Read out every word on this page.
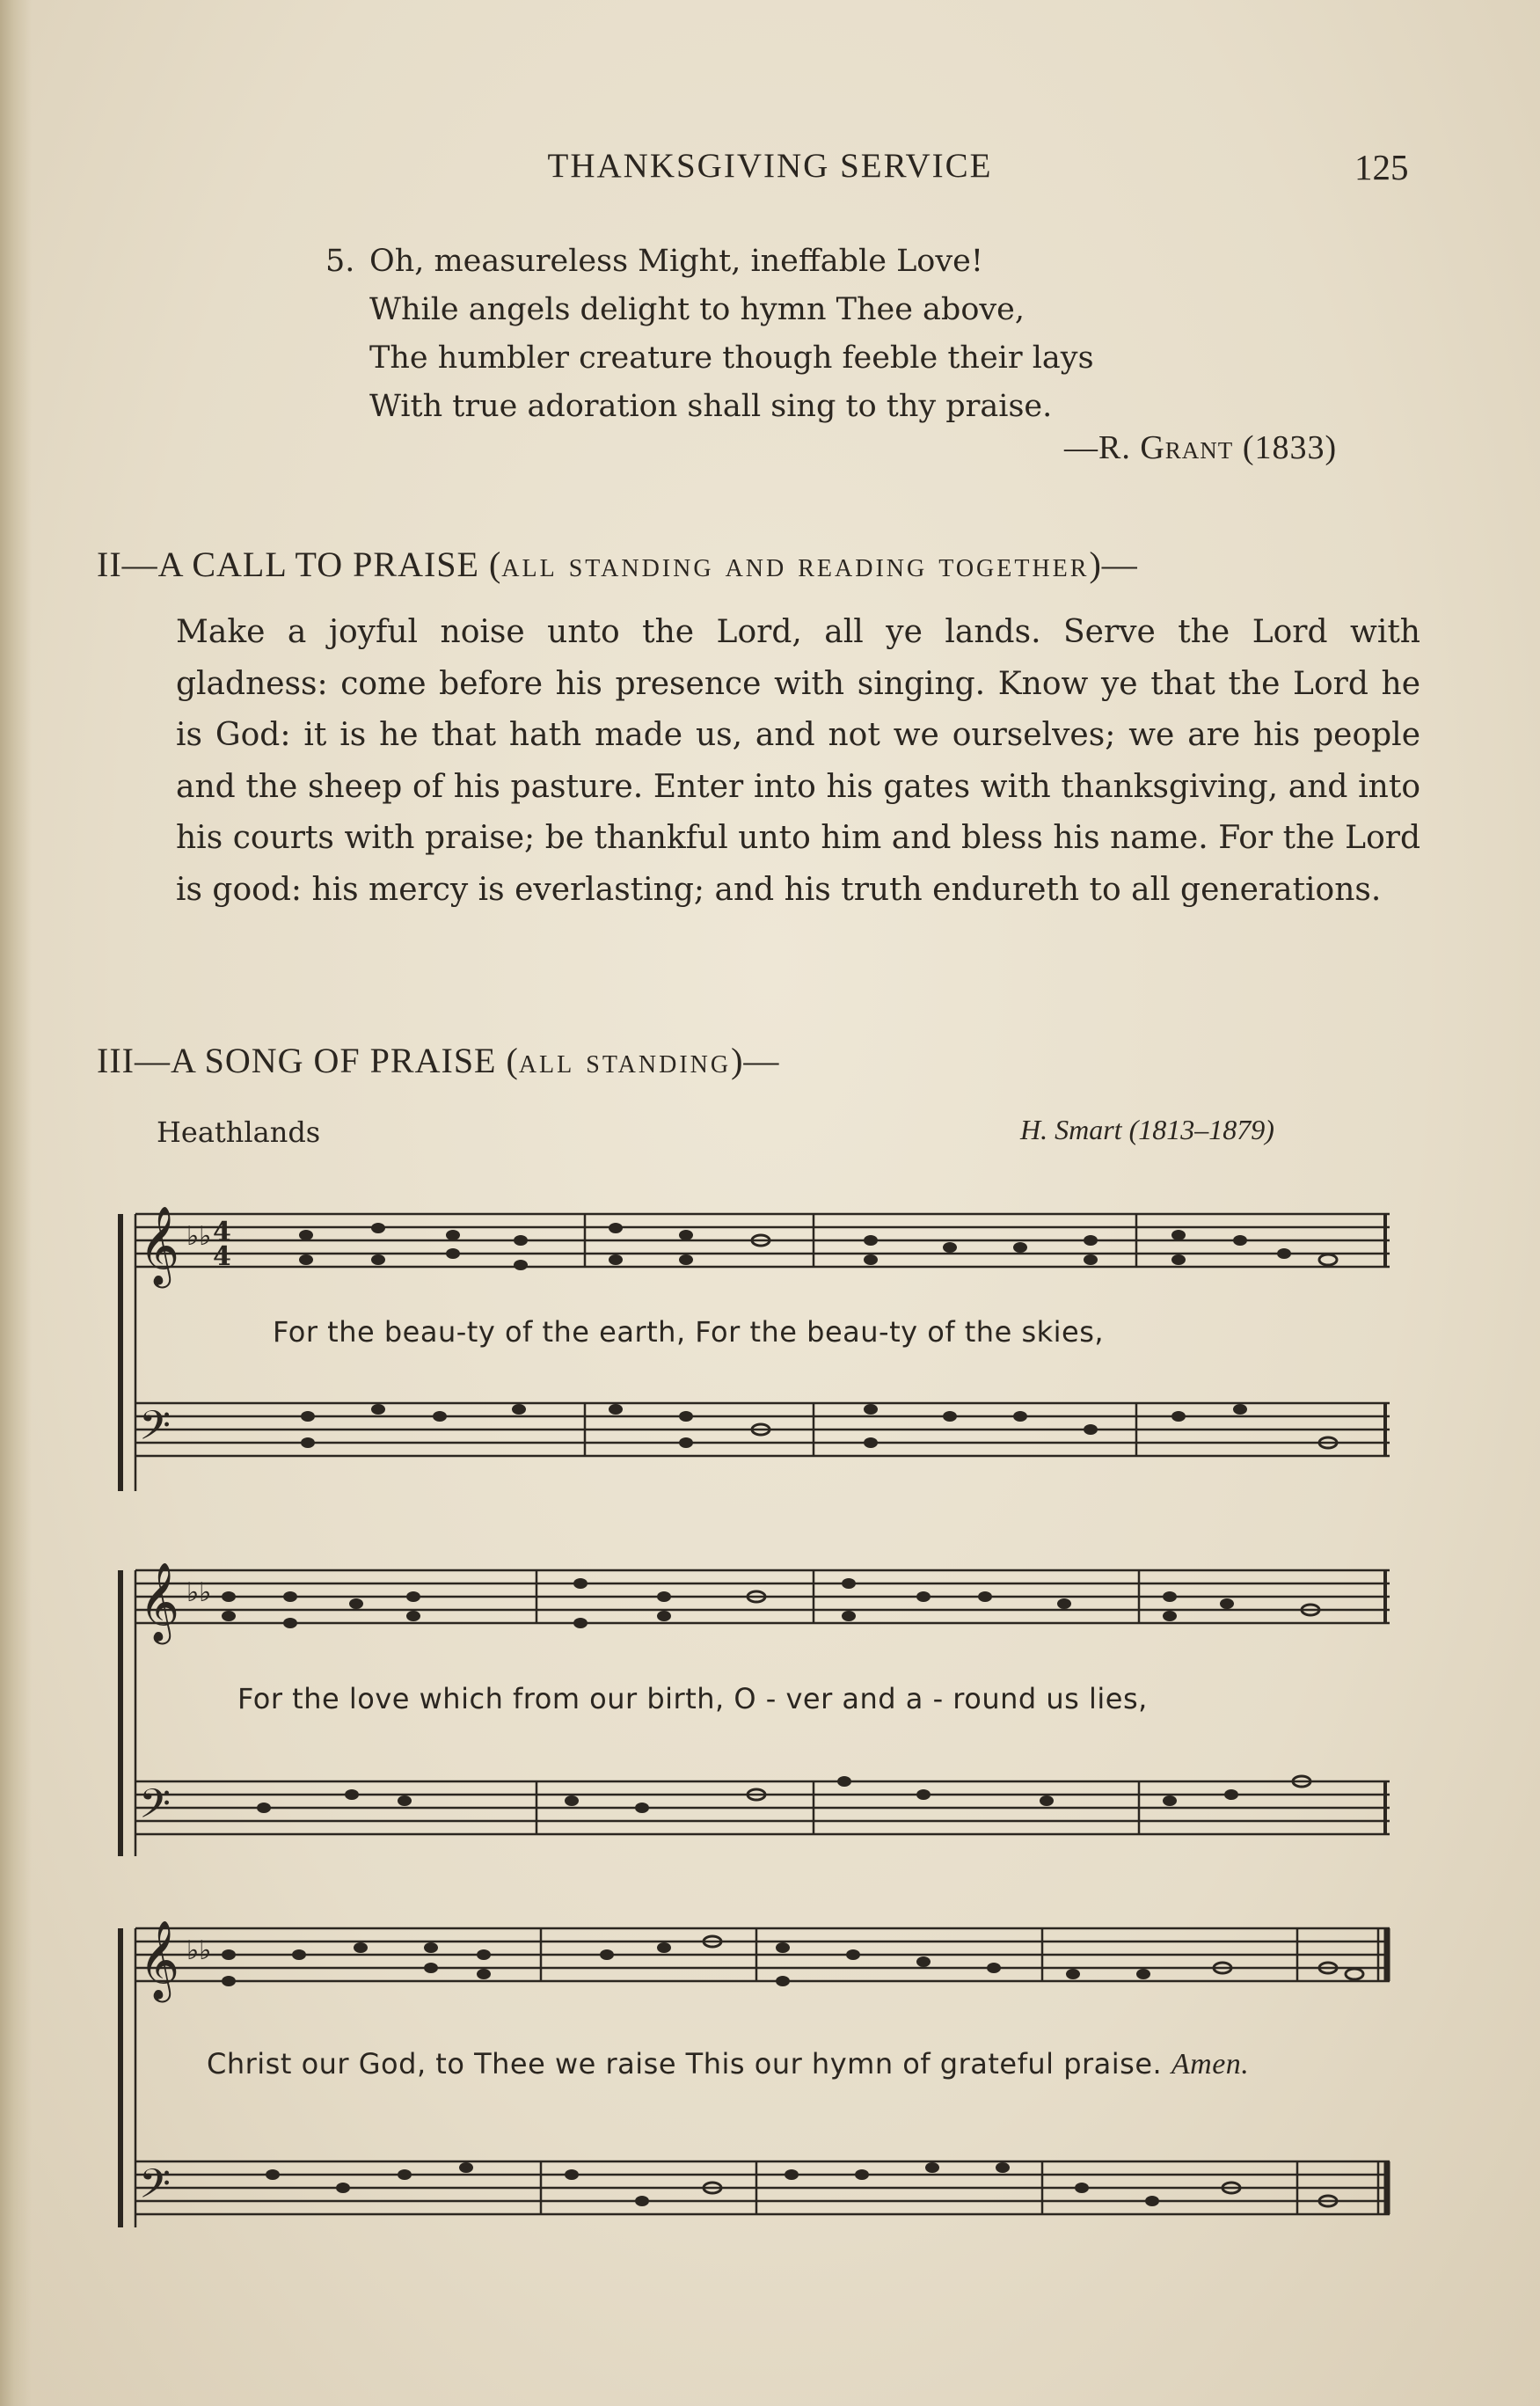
THANKSGIVING SERVICE	125
5. Oh, measureless Might, ineffable Love!
While angels delight to hymn Thee above,
The humbler creature though feeble their lays
With true adoration shall sing to thy praise.
—R. Grant (1833)
II—A CALL TO PRAISE (all standing and reading together)—
Make a joyful noise unto the Lord, all ye lands. Serve the Lord with gladness: come before his presence with singing. Know ye that the Lord he is God: it is he that hath made us, and not we ourselves; we are his people and the sheep of his pasture. Enter into his gates with thanksgiving, and into his courts with praise; be thankful unto him and bless his name. For the Lord is good: his mercy is everlasting; and his truth endureth to all generations.
III—A SONG OF PRAISE (all standing)—
Heathlands	H. Smart (1813–1879)
𝄞
𝄢
♭♭ 4
4
For the beau-ty of the earth, For the beau-ty of the skies,
𝄞
𝄢
♭♭
For the love which from our birth, O - ver and a - round us lies,
𝄞
𝄢
♭♭
Christ our God, to Thee we raise This our hymn of grateful praise. Amen.
